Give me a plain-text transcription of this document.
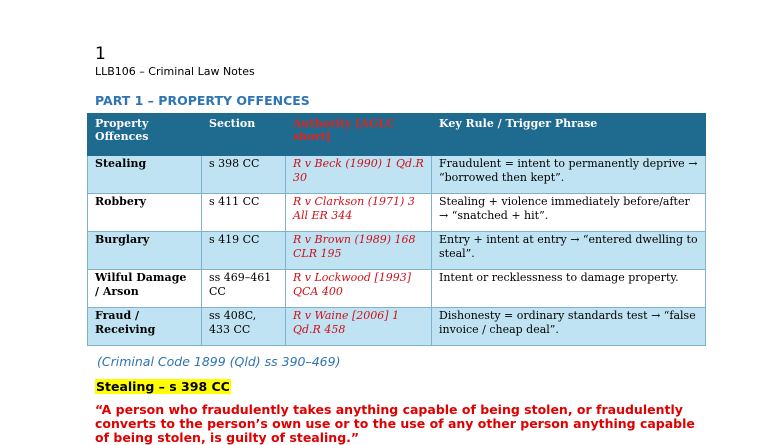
1
LLB106 – Criminal Law Notes
PART 1 – PROPERTY OFFENCES
Property Offences	Section	Authority [AGLC short]	Key Rule / Trigger Phrase
Stealing	s 398 CC	R v Beck (1990) 1 Qd.R 30	Fraudulent = intent to permanently deprive → “borrowed then kept”.
Robbery	s 411 CC	R v Clarkson (1971) 3 All ER 344	Stealing + violence immediately before/after → “snatched + hit”.
Burglary	s 419 CC	R v Brown (1989) 168 CLR 195	Entry + intent at entry → “entered dwelling to steal”.
Wilful Damage / Arson	ss 469–461 CC	R v Lockwood [1993] QCA 400	Intent or recklessness to damage property.
Fraud / Receiving	ss 408C, 433 CC	R v Waine [2006] 1 Qd.R 458	Dishonesty = ordinary standards test → “false invoice / cheap deal”.
(Criminal Code 1899 (Qld) ss 390–469)
Stealing – s 398 CC
“A person who fraudulently takes anything capable of being stolen, or fraudulently converts to the person’s own use or to the use of any other person anything capable of being stolen, is guilty of stealing.”
